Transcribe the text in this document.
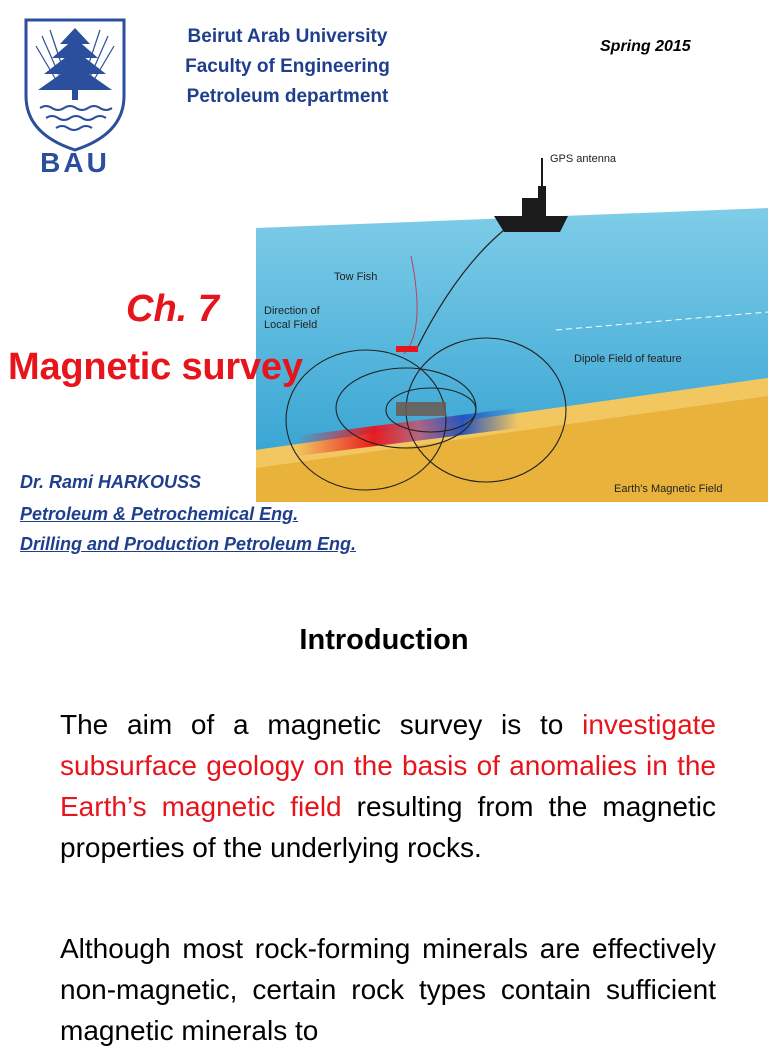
BAU
Beirut Arab University
Faculty of Engineering
Petroleum department
Spring 2015
GPS antenna
Tow Fish
Direction of
Local Field
Dipole Field of feature
Earth's Magnetic Field
Ch. 7
Magnetic survey
Dr. Rami HARKOUSS
Petroleum & Petrochemical Eng.
Drilling and Production Petroleum Eng.
Introduction
The aim of a magnetic survey is to investigate subsurface geology on the basis of anomalies in the Earth’s magnetic field resulting from the magnetic properties of the underlying rocks.
Although most rock-forming minerals are effectively non-magnetic, certain rock types contain sufficient magnetic minerals to
